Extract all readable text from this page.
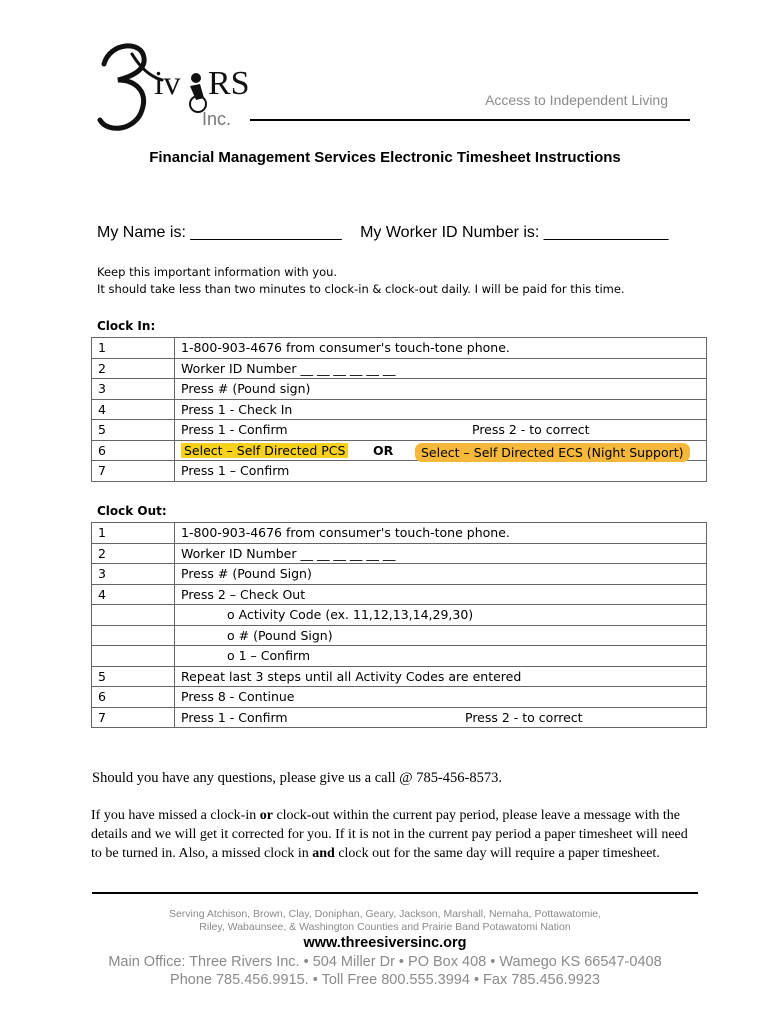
iv RS
Inc.
Access to Independent Living
Financial Management Services Electronic Timesheet Instructions
My Name is: _________________ My Worker ID Number is: ______________
Keep this important information with you.
It should take less than two minutes to clock-in & clock-out daily. I will be paid for this time.
Clock In:
1	1-800-903-4676 from consumer's touch-tone phone.
2	Worker ID Number __ __ __ __ __ __
3	Press # (Pound sign)
4	Press 1 - Check In
5	Press 1 - Confirm Press 2 - to correct

6	Select – Self Directed PCS OR Select – Self Directed ECS (Night Support)

7	Press 1 – Confirm
Clock Out:
1	1-800-903-4676 from consumer's touch-tone phone.
2	Worker ID Number __ __ __ __ __ __
3	Press # (Pound Sign)
4	Press 2 – Check Out
	o Activity Code (ex. 11,12,13,14,29,30)
	o # (Pound Sign)
	o 1 – Confirm
5	Repeat last 3 steps until all Activity Codes are entered
6	Press 8 - Continue
7	Press 1 - Confirm Press 2 - to correct
Should you have any questions, please give us a call @ 785-456-8573.
If you have missed a clock-in or clock-out within the current pay period, please leave a message with the details and we will get it corrected for you. If it is not in the current pay period a paper timesheet will need to be turned in. Also, a missed clock in and clock out for the same day will require a paper timesheet.
Serving Atchison, Brown, Clay, Doniphan, Geary, Jackson, Marshall, Nemaha, Pottawatomie,
Riley, Wabaunsee, & Washington Counties and Prairie Band Potawatomi Nation
www.threesiversinc.org
Main Office: Three Rivers Inc. • 504 Miller Dr • PO Box 408 • Wamego KS 66547-0408
Phone 785.456.9915. • Toll Free 800.555.3994 • Fax 785.456.9923
